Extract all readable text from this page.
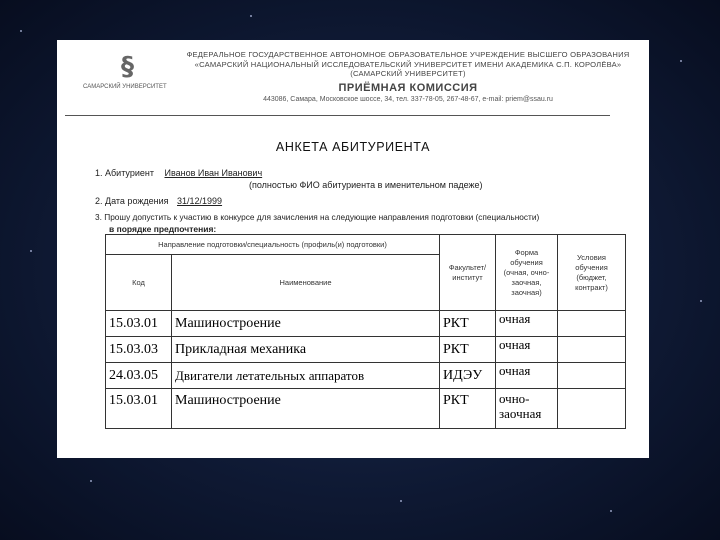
§
САМАРСКИЙ УНИВЕРСИТЕТ
ФЕДЕРАЛЬНОЕ ГОСУДАРСТВЕННОЕ АВТОНОМНОЕ ОБРАЗОВАТЕЛЬНОЕ УЧРЕЖДЕНИЕ ВЫСШЕГО ОБРАЗОВАНИЯ
«САМАРСКИЙ НАЦИОНАЛЬНЫЙ ИССЛЕДОВАТЕЛЬСКИЙ УНИВЕРСИТЕТ ИМЕНИ АКАДЕМИКА С.П. КОРОЛЁВА»
(САМАРСКИЙ УНИВЕРСИТЕТ)
ПРИЁМНАЯ КОМИССИЯ
443086, Самара, Московское шоссе, 34, тел. 337-78-05, 267-48-67, e-mail: priem@ssau.ru
АНКЕТА АБИТУРИЕНТА
1. Абитуриент Иванов Иван Иванович
(полностью ФИО абитуриента в именительном падеже)
2. Дата рождения 31/12/1999
3. Прошу допустить к участию в конкурсе для зачисления на следующие направления подготовки (специальности)
в порядке предпочтения:
Направление подготовки/специальность (профиль(и) подготовки)		Факультет/ институт	Форма обучения (очная, очно-заочная, заочная)	Условия обучения (бюджет, контракт)
Код	Наименование			
15.03.01	Машиностроение	РКТ	очная	
15.03.03	Прикладная механика	РКТ	очная	
24.03.05	Двигатели летательных аппаратов	ИДЭУ	очная	
15.03.01	Машиностроение	РКТ	очно-заочная	
